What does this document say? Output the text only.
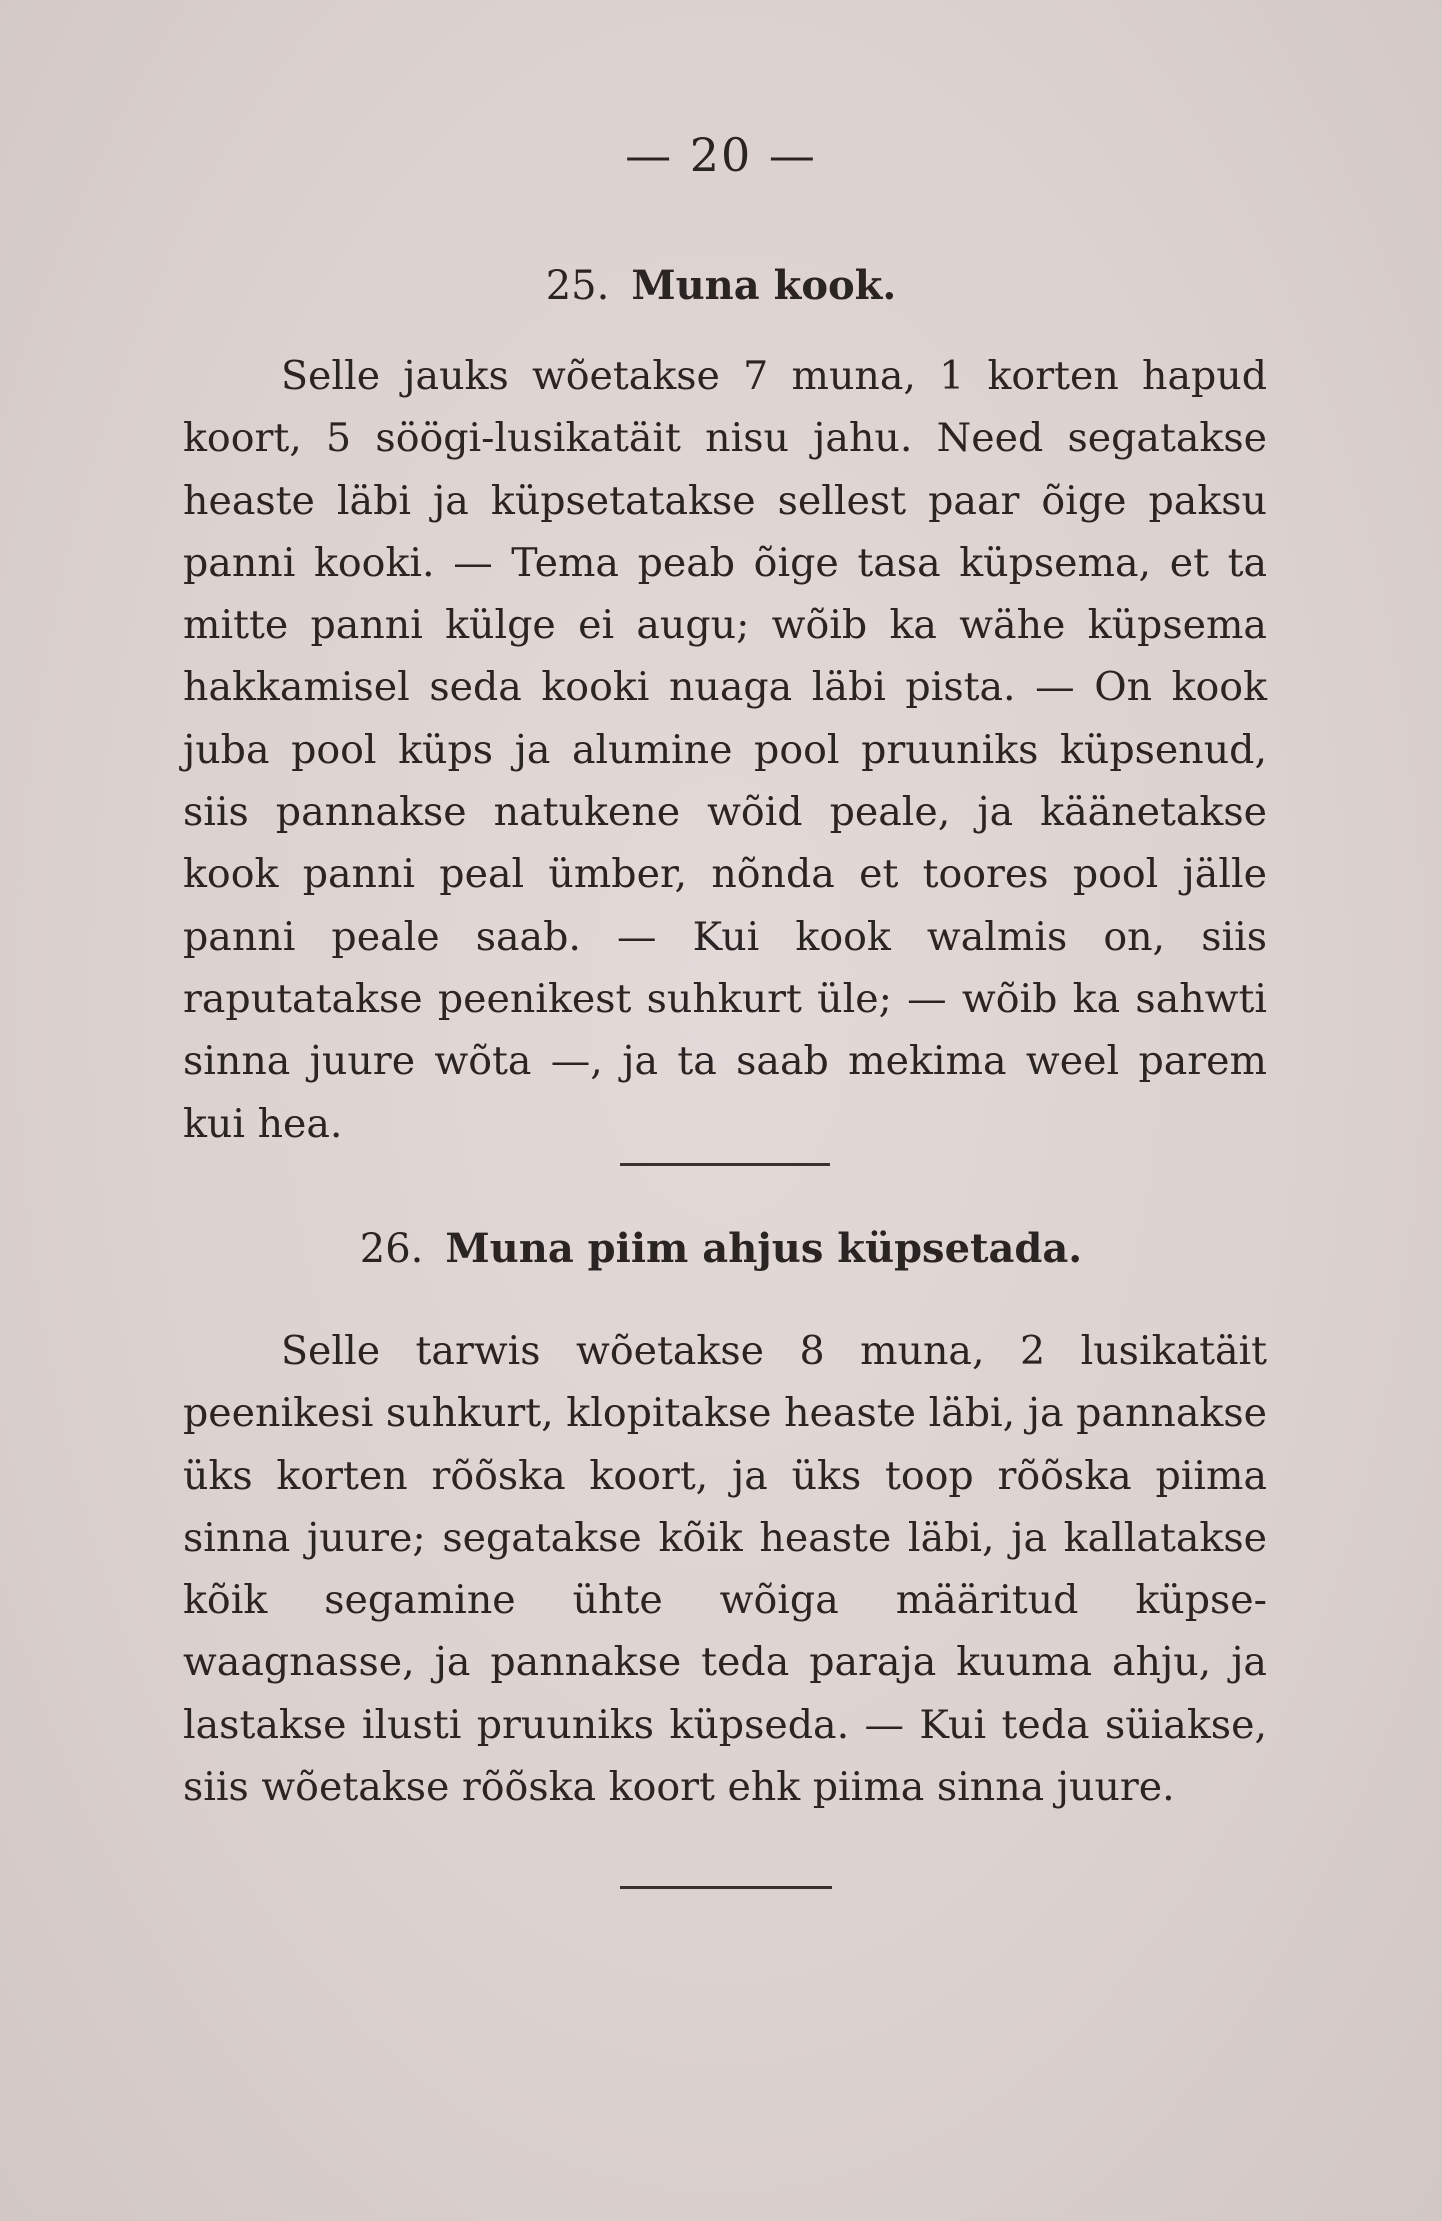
— 20 —
25. Muna kook.

Selle jauks wõetakse 7 muna, 1 korten hapud koort, 5 söögi-lusikatäit nisu jahu. Need segatakse heaste läbi ja küpsetatakse sellest paar õige paksu panni kooki. — Tema peab õige tasa küpsema, et ta mitte panni külge ei augu; wõib ka wähe küpsema hakkamisel seda kooki nuaga läbi pista. — On kook juba pool küps ja alumine pool pruuniks küpsenud, siis pannakse natukene wõid peale, ja käänetakse kook panni peal ümber, nõnda et toores pool jälle panni peale saab. — Kui kook walmis on, siis raputatakse peenikest suhkurt üle; — wõib ka sahwti sinna juure wõta —, ja ta saab mekima weel parem kui hea.

26. Muna piim ahjus küpsetada.

Selle tarwis wõetakse 8 muna, 2 lusikatäit peenikesi suhkurt, klopitakse heaste läbi, ja pannakse üks korten rõõska koort, ja üks toop rõõska piima sinna juure; segatakse kõik heaste läbi, ja kallatakse kõik segamine ühte wõiga määritud küpse-waagnasse, ja pannakse teda paraja kuuma ahju, ja lastakse ilusti pruuniks küpseda. — Kui teda süiakse, siis wõetakse rõõska koort ehk piima sinna juure.
